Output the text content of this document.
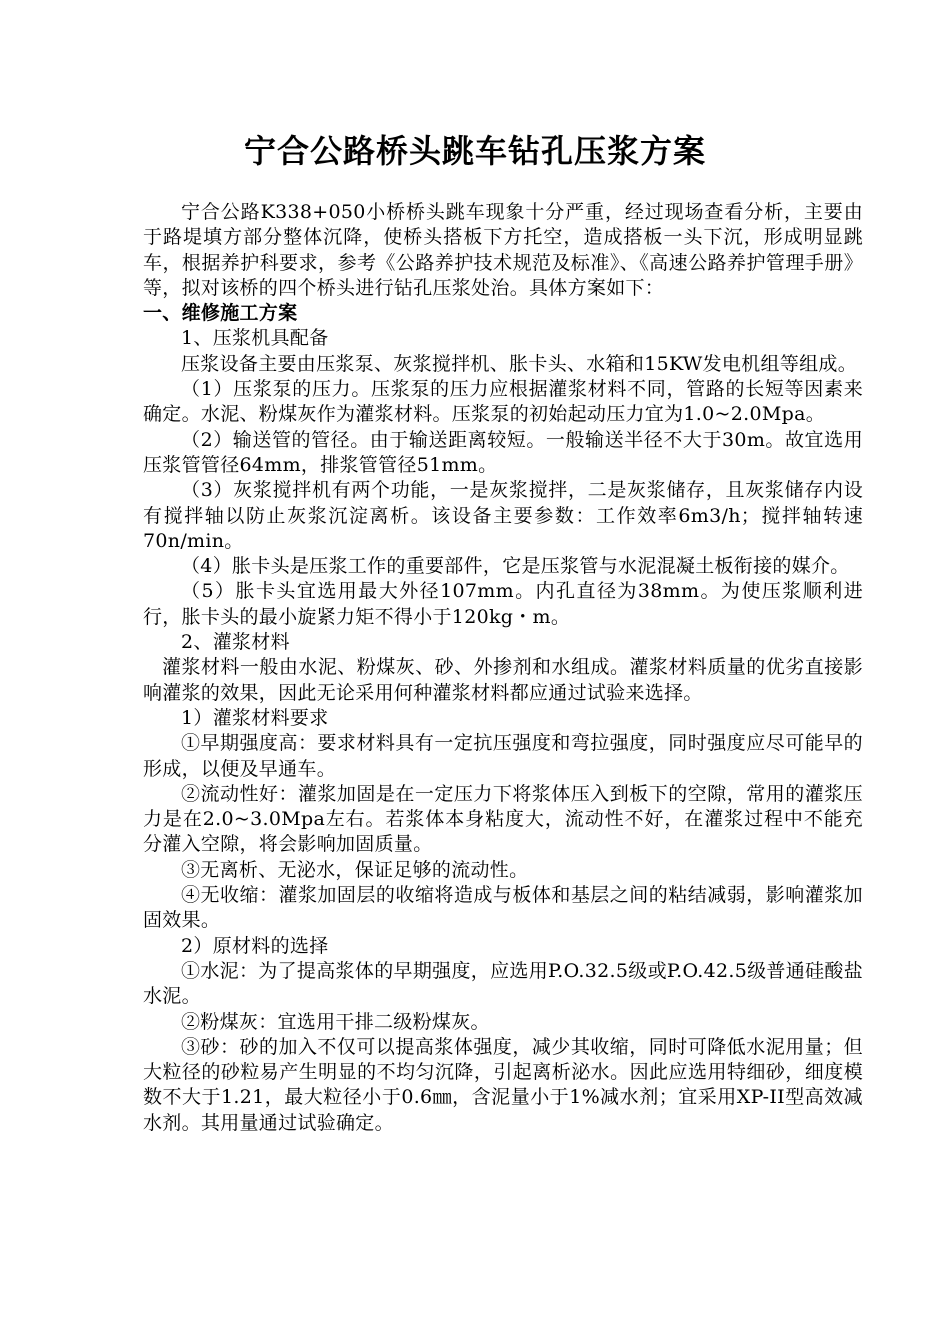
宁合公路桥头跳车钻孔压浆方案

宁合公路K338+050小桥桥头跳车现象十分严重，经过现场查看分析，主要由于路堤填方部分整体沉降，使桥头搭板下方托空，造成搭板一头下沉，形成明显跳车，根据养护科要求，参考《公路养护技术规范及标准》、《高速公路养护管理手册》等，拟对该桥的四个桥头进行钻孔压浆处治。具体方案如下：

一、维修施工方案

1、压浆机具配备

压浆设备主要由压浆泵、灰浆搅拌机、胀卡头、水箱和15KW发电机组等组成。

（1）压浆泵的压力。压浆泵的压力应根据灌浆材料不同，管路的长短等因素来确定。水泥、粉煤灰作为灌浆材料。压浆泵的初始起动压力宜为1.0~2.0Mpa。

（2）输送管的管径。由于输送距离较短。一般输送半径不大于30m。故宜选用压浆管管径64mm，排浆管管径51mm。

（3）灰浆搅拌机有两个功能，一是灰浆搅拌，二是灰浆储存，且灰浆储存内设有搅拌轴以防止灰浆沉淀离析。该设备主要参数：工作效率6m3/h；搅拌轴转速70n/min。

（4）胀卡头是压浆工作的重要部件，它是压浆管与水泥混凝土板衔接的媒介。

（5）胀卡头宜选用最大外径107mm。内孔直径为38mm。为使压浆顺利进行，胀卡头的最小旋紧力矩不得小于120kg・m。

2、灌浆材料

灌浆材料一般由水泥、粉煤灰、砂、外掺剂和水组成。灌浆材料质量的优劣直接影响灌浆的效果，因此无论采用何种灌浆材料都应通过试验来选择。

1）灌浆材料要求

①早期强度高：要求材料具有一定抗压强度和弯拉强度，同时强度应尽可能早的形成，以便及早通车。

②流动性好：灌浆加固是在一定压力下将浆体压入到板下的空隙，常用的灌浆压力是在2.0~3.0Mpa左右。若浆体本身粘度大，流动性不好，在灌浆过程中不能充分灌入空隙，将会影响加固质量。

③无离析、无泌水，保证足够的流动性。

④无收缩：灌浆加固层的收缩将造成与板体和基层之间的粘结减弱，影响灌浆加固效果。

2）原材料的选择

①水泥：为了提高浆体的早期强度，应选用P.O.32.5级或P.O.42.5级普通硅酸盐水泥。

②粉煤灰：宜选用干排二级粉煤灰。

③砂：砂的加入不仅可以提高浆体强度，减少其收缩，同时可降低水泥用量；但大粒径的砂粒易产生明显的不均匀沉降，引起离析泌水。因此应选用特细砂，细度模数不大于1.21，最大粒径小于0.6㎜，含泥量小于1%减水剂；宜采用XP-II型高效减水剂。其用量通过试验确定。
